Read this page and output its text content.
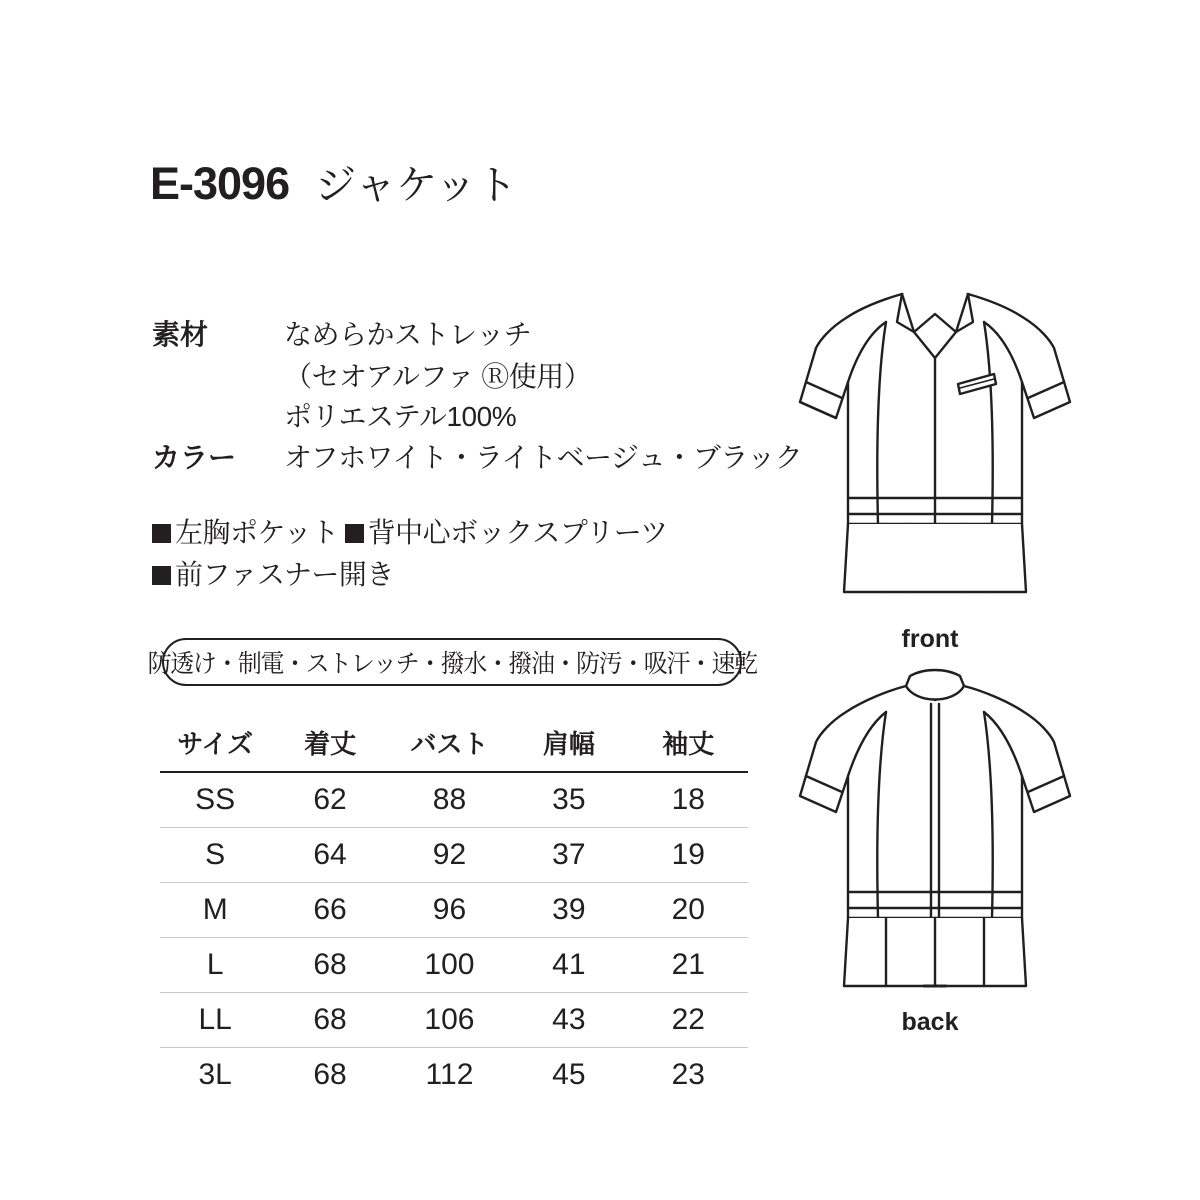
E-3096 ジャケット
素材	なめらかストレッチ
（セオアルファ Ⓡ使用）
ポリエステル100%
カラー	オフホワイト・ライトベージュ・ブラック
左胸ポケット 背中心ボックスプリーツ
前ファスナー開き
防透け・制電・ストレッチ・撥水・撥油・防汚・吸汗・速乾
サイズ	着丈	バスト	肩幅	袖丈
SS	62	88	35	18
S	64	92	37	19
M	66	96	39	20
L	68	100	41	21
LL	68	106	43	22
3L	68	112	45	23
front
back
